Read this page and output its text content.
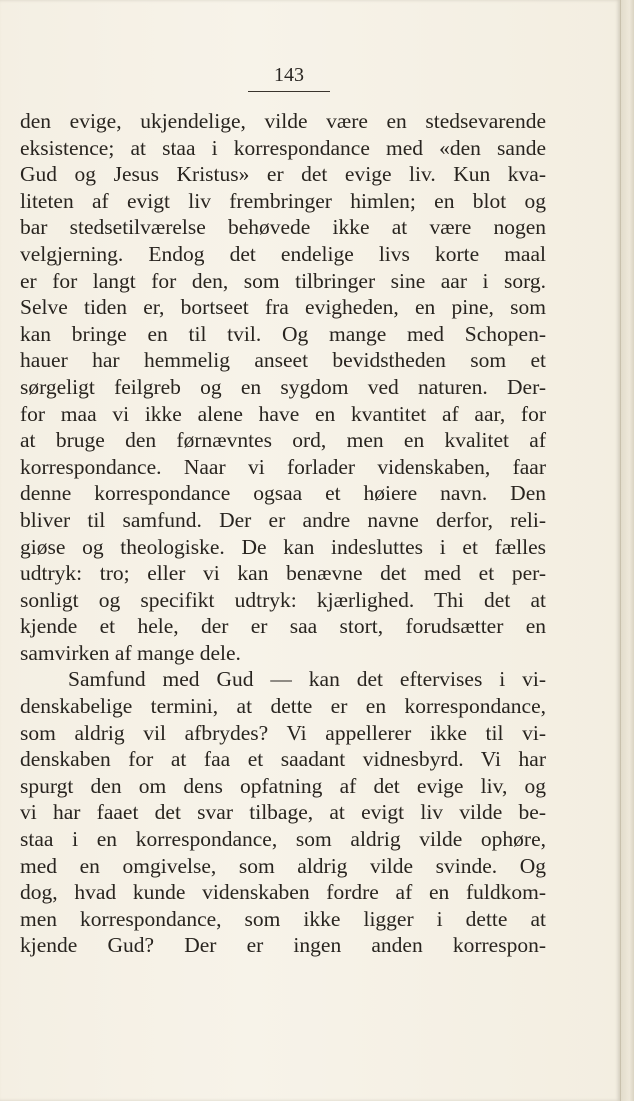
143
den evige, ukjendelige, vilde være en stedsevarende
eksistence; at staa i korrespondance med «den sande
Gud og Jesus Kristus» er det evige liv. Kun kva-
liteten af evigt liv frembringer himlen; en blot og
bar stedsetilværelse behøvede ikke at være nogen
velgjerning. Endog det endelige livs korte maal
er for langt for den, som tilbringer sine aar i sorg.
Selve tiden er, bortseet fra evigheden, en pine, som
kan bringe en til tvil. Og mange med Schopen-
hauer har hemmelig anseet bevidstheden som et
sørgeligt feilgreb og en sygdom ved naturen. Der-
for maa vi ikke alene have en kvantitet af aar, for
at bruge den førnævntes ord, men en kvalitet af
korrespondance. Naar vi forlader videnskaben, faar
denne korrespondance ogsaa et høiere navn. Den
bliver til samfund. Der er andre navne derfor, reli-
giøse og theologiske. De kan indesluttes i et fælles
udtryk: tro; eller vi kan benævne det med et per-
sonligt og specifikt udtryk: kjærlighed. Thi det at
kjende et hele, der er saa stort, forudsætter en
samvirken af mange dele.
Samfund med Gud — kan det eftervises i vi-
denskabelige termini, at dette er en korrespondance,
som aldrig vil afbrydes? Vi appellerer ikke til vi-
denskaben for at faa et saadant vidnesbyrd. Vi har
spurgt den om dens opfatning af det evige liv, og
vi har faaet det svar tilbage, at evigt liv vilde be-
staa i en korrespondance, som aldrig vilde ophøre,
med en omgivelse, som aldrig vilde svinde. Og
dog, hvad kunde videnskaben fordre af en fuldkom-
men korrespondance, som ikke ligger i dette at
kjende Gud? Der er ingen anden korrespon-
